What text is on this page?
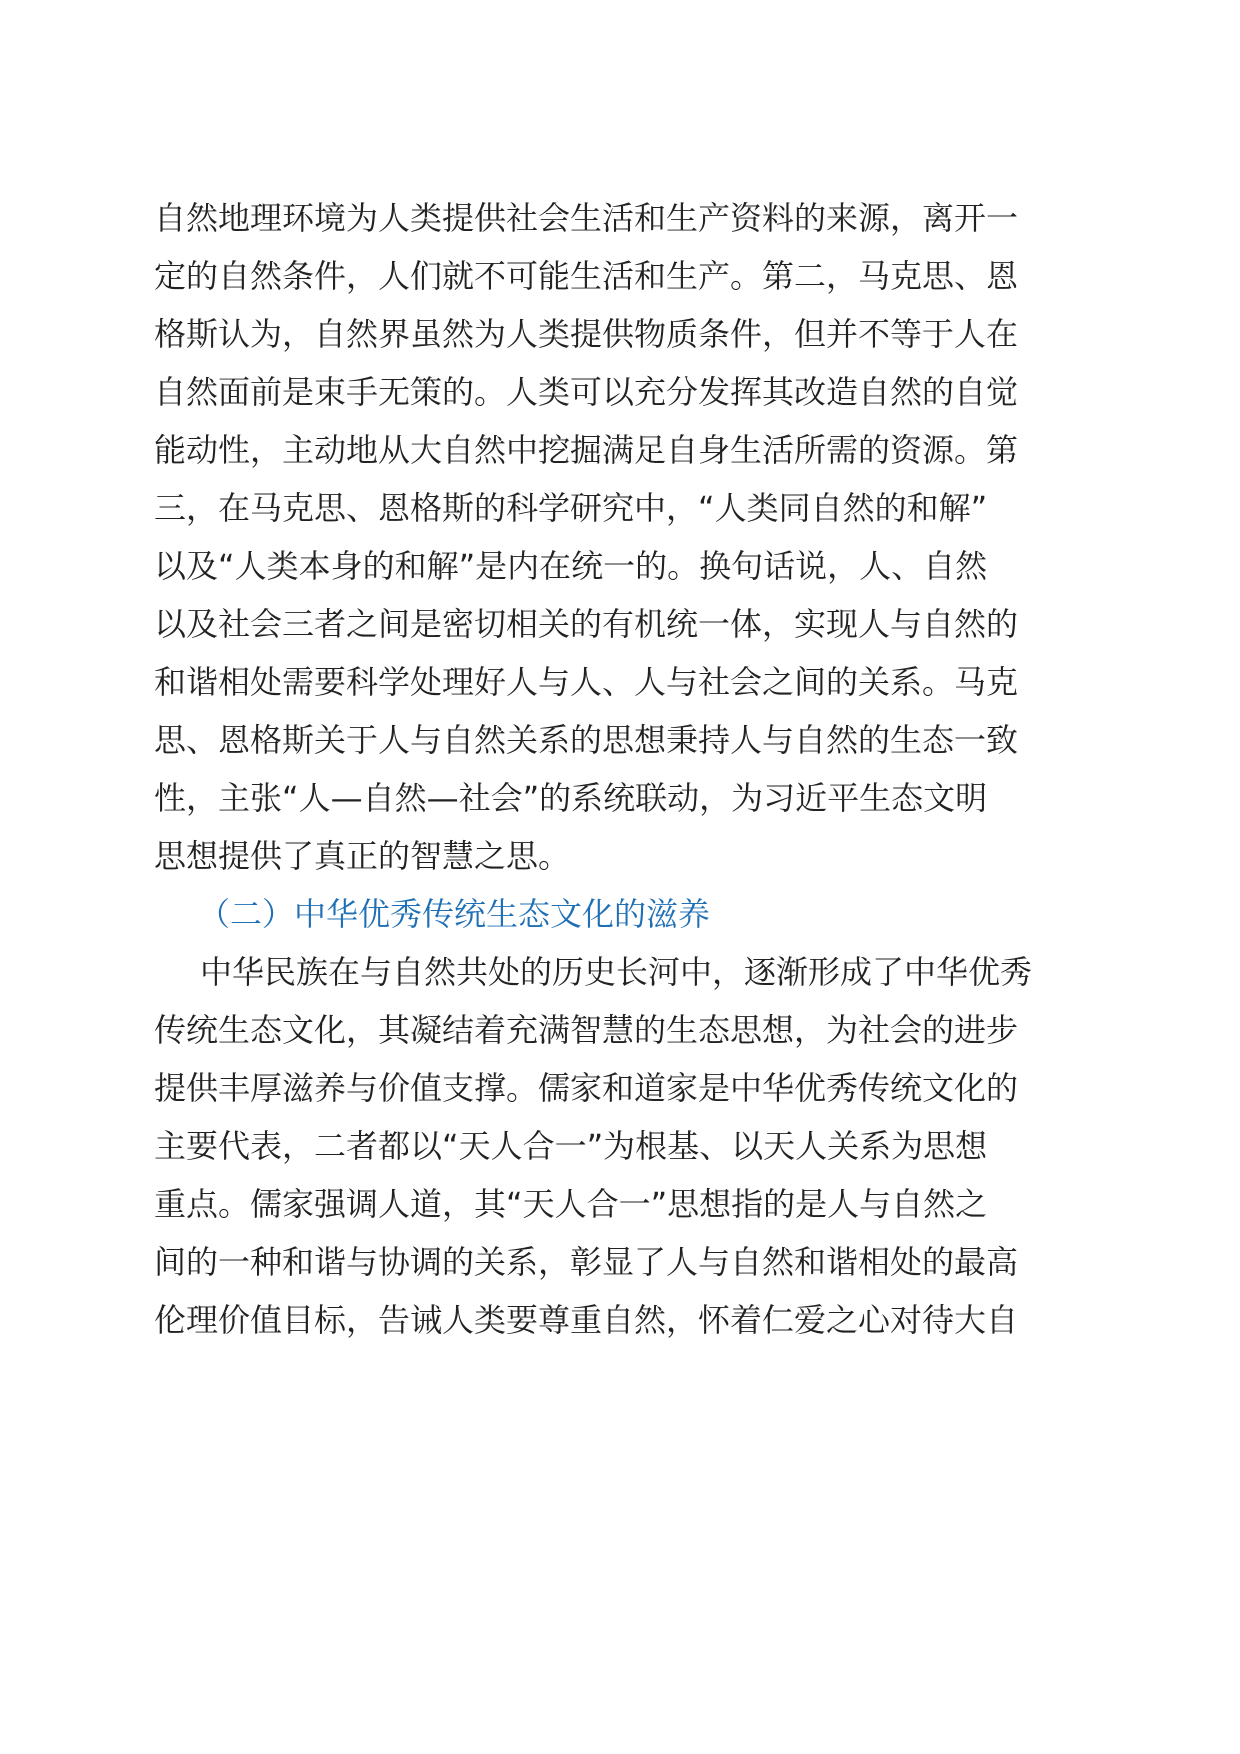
自然地理环境为人类提供社会生活和生产资料的来源，离开一
定的自然条件，人们就不可能生活和生产。第二，马克思、恩
格斯认为，自然界虽然为人类提供物质条件，但并不等于人在
自然面前是束手无策的。人类可以充分发挥其改造自然的自觉
能动性，主动地从大自然中挖掘满足自身生活所需的资源。第
三，在马克思、恩格斯的科学研究中，“人类同自然的和解”
以及“人类本身的和解”是内在统一的。换句话说，人、自然
以及社会三者之间是密切相关的有机统一体，实现人与自然的
和谐相处需要科学处理好人与人、人与社会之间的关系。马克
思、恩格斯关于人与自然关系的思想秉持人与自然的生态一致
性，主张“人—自然—社会”的系统联动，为习近平生态文明
思想提供了真正的智慧之思。
（二）中华优秀传统生态文化的滋养
中华民族在与自然共处的历史长河中，逐渐形成了中华优秀
传统生态文化，其凝结着充满智慧的生态思想，为社会的进步
提供丰厚滋养与价值支撑。儒家和道家是中华优秀传统文化的
主要代表，二者都以“天人合一”为根基、以天人关系为思想
重点。儒家强调人道，其“天人合一”思想指的是人与自然之
间的一种和谐与协调的关系，彰显了人与自然和谐相处的最高
伦理价值目标，告诫人类要尊重自然，怀着仁爱之心对待大自
